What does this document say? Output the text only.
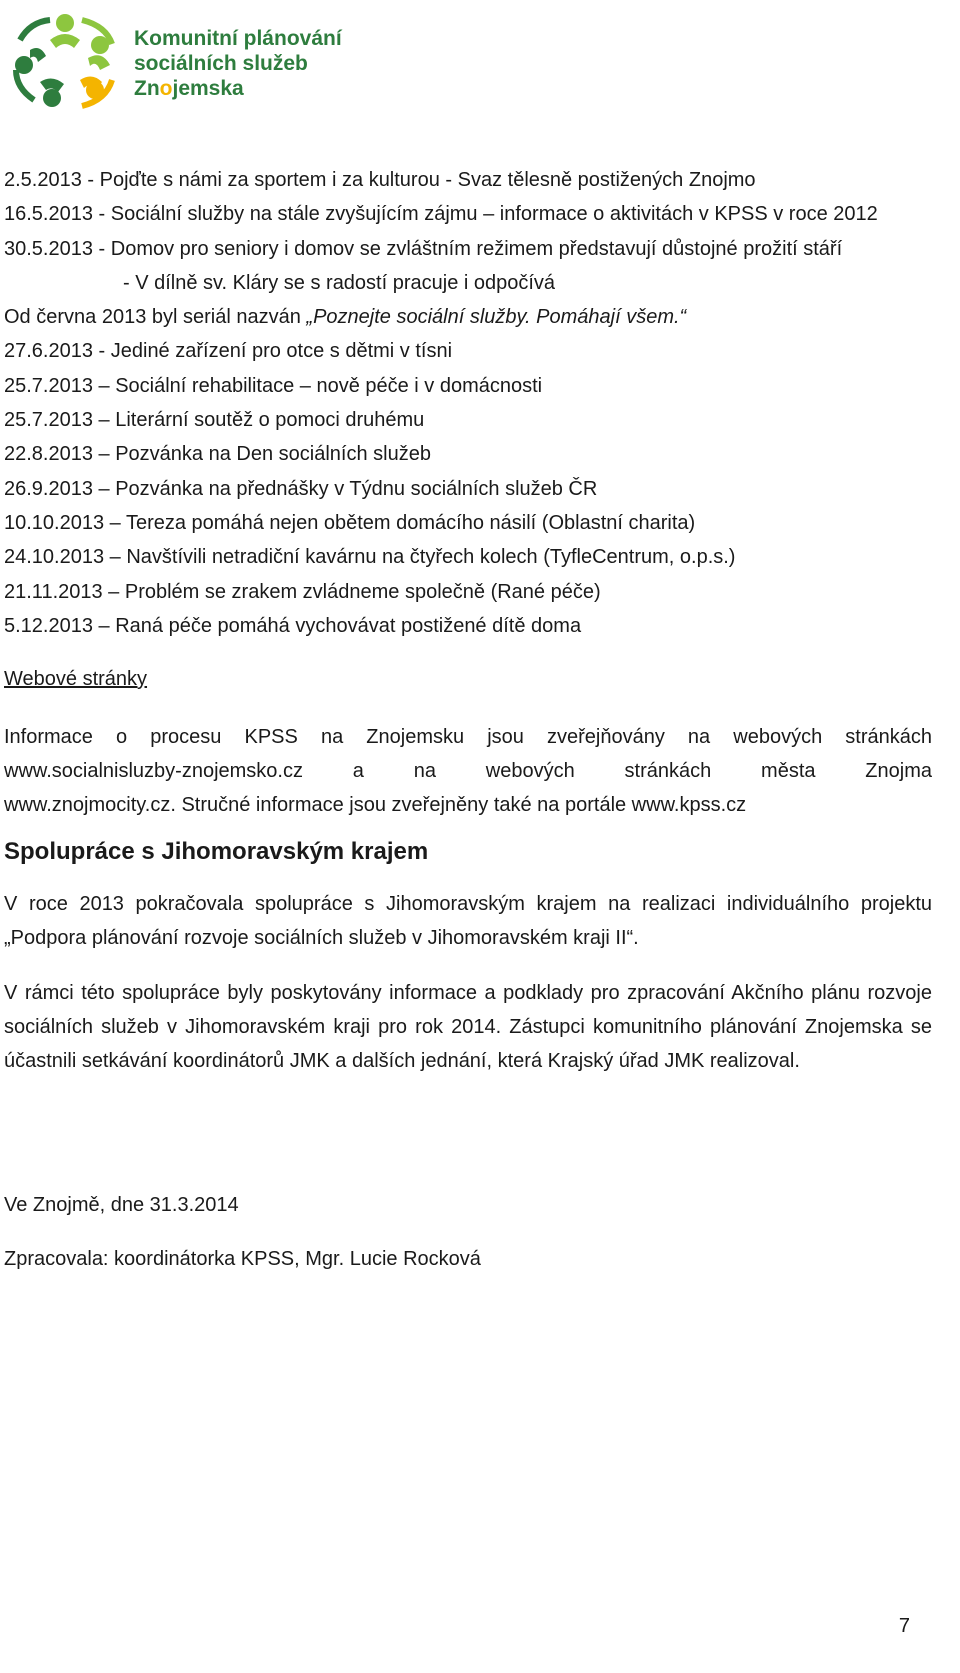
Komunitní plánování
sociálních služeb
Znojemska
2.5.2013 - Pojďte s námi za sportem i za kulturou - Svaz tělesně postižených Znojmo
16.5.2013 - Sociální služby na stále zvyšujícím zájmu – informace o aktivitách v KPSS v roce 2012
30.5.2013 - Domov pro seniory i domov se zvláštním režimem představují důstojné prožití stáří
- V dílně sv. Kláry se s radostí pracuje i odpočívá
Od června 2013 byl seriál nazván „Poznejte sociální služby. Pomáhají všem.“
27.6.2013 - Jediné zařízení pro otce s dětmi v tísni
25.7.2013 – Sociální rehabilitace – nově péče i v domácnosti
25.7.2013 – Literární soutěž o pomoci druhému
22.8.2013 – Pozvánka na Den sociálních služeb
26.9.2013 – Pozvánka na přednášky v Týdnu sociálních služeb ČR
10.10.2013 – Tereza pomáhá nejen obětem domácího násilí (Oblastní charita)
24.10.2013 – Navštívili netradiční kavárnu na čtyřech kolech (TyfleCentrum, o.p.s.)
21.11.2013 – Problém se zrakem zvládneme společně (Rané péče)
5.12.2013 – Raná péče pomáhá vychovávat postižené dítě doma
Webové stránky
Informace o procesu KPSS na Znojemsku jsou zveřejňovány na webových stránkách
www.socialnisluzby-znojemsko.cz a na webových stránkách města Znojma
www.znojmocity.cz. Stručné informace jsou zveřejněny také na portále www.kpss.cz
Spolupráce s Jihomoravským krajem
V roce 2013 pokračovala spolupráce s Jihomoravským krajem na realizaci individuálního projektu „Podpora plánování rozvoje sociálních služeb v Jihomoravském kraji II“.
V rámci této spolupráce byly poskytovány informace a podklady pro zpracování Akčního plánu rozvoje sociálních služeb v Jihomoravském kraji pro rok 2014. Zástupci komunitního plánování Znojemska se účastnili setkávání koordinátorů JMK a dalších jednání, která Krajský úřad JMK realizoval.
Ve Znojmě, dne 31.3.2014
Zpracovala: koordinátorka KPSS, Mgr. Lucie Rocková
7
